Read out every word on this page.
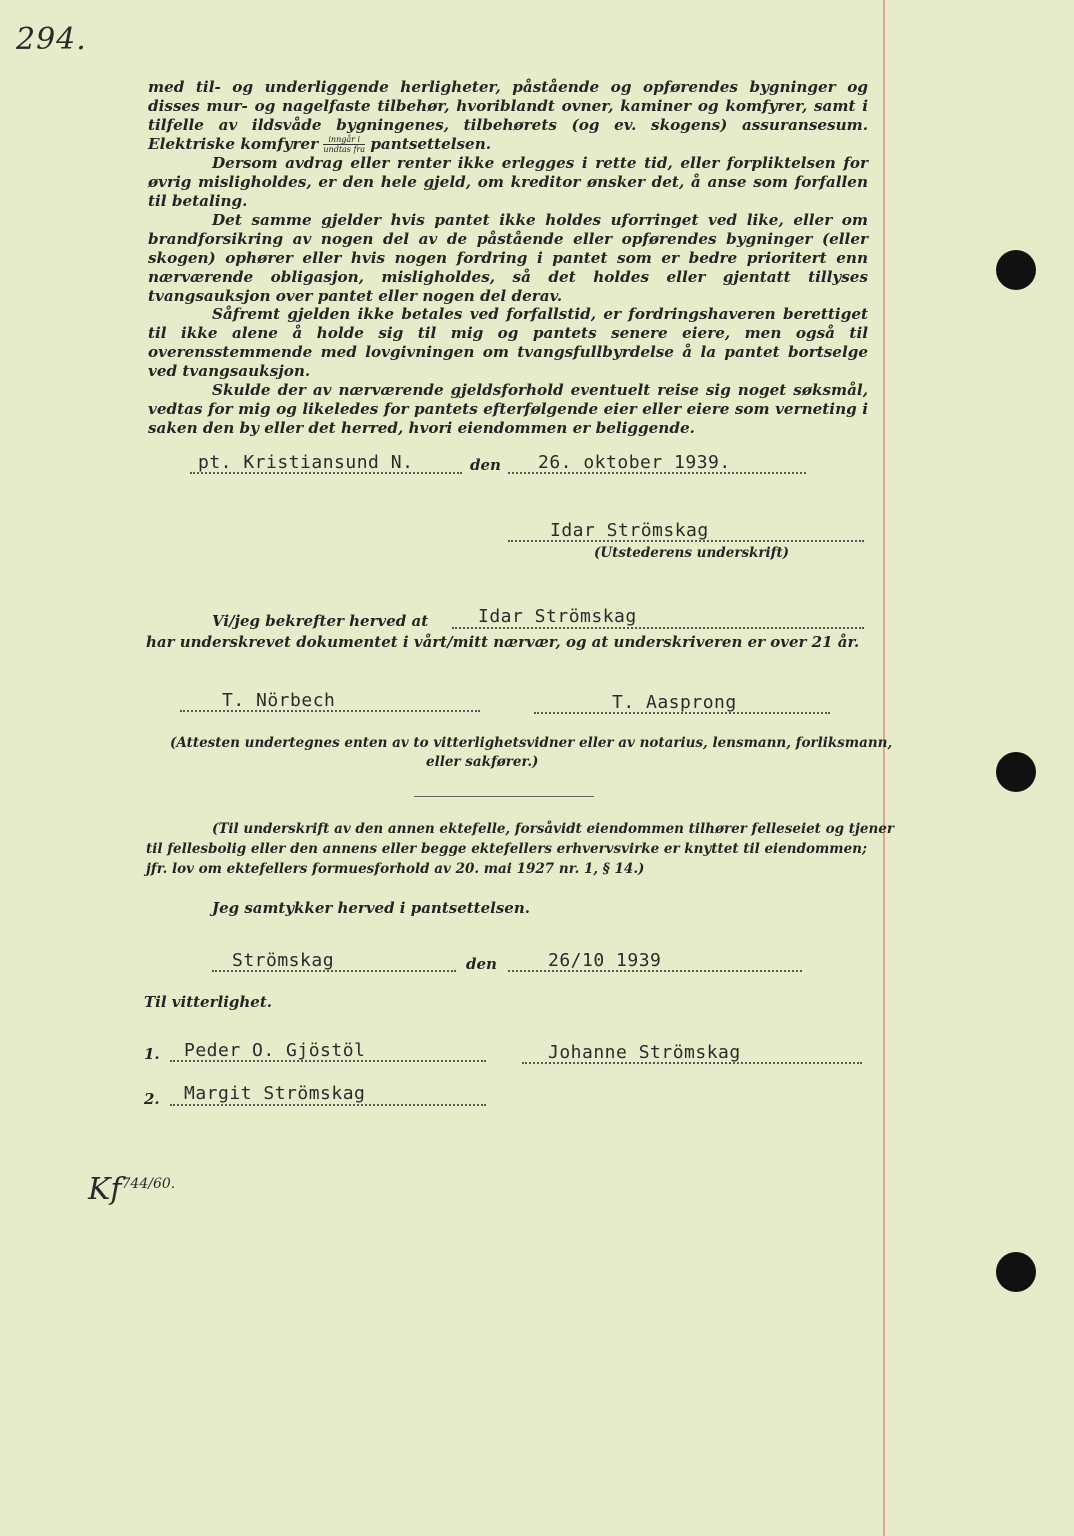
294.

med til- og underliggende herligheter, påstående og opførendes bygninger og disses mur- og nagelfaste tilbehør, hvoriblandt ovner, kaminer og komfyrer, samt i tilfelle av ildsvåde bygningenes, tilbehørets (og ev. skogens) assuransesum. Elektriske komfyrer	inngår i
undtas fra pantsettelsen.

Dersom avdrag eller renter ikke erlegges i rette tid, eller forpliktelsen for øvrig misligholdes, er den hele gjeld, om kreditor ønsker det, å anse som forfallen til betaling.

Det samme gjelder hvis pantet ikke holdes uforringet ved like, eller om brandforsikring av nogen del av de påstående eller opførendes bygninger (eller skogen) ophører eller hvis nogen fordring i pantet som er bedre prioritert enn nærværende obligasjon, misligholdes, så det holdes eller gjentatt tillyses tvangsauksjon over pantet eller nogen del derav.

Såfremt gjelden ikke betales ved forfallstid, er fordringshaveren berettiget til ikke alene å holde sig til mig og pantets senere eiere, men også til overensstemmende med lovgivningen om tvangsfullbyrdelse å la pantet bortselge ved tvangsauksjon.

Skulde der av nærværende gjeldsforhold eventuelt reise sig noget søksmål, vedtas for mig og likeledes for pantets efterfølgende eier eller eiere som verneting i saken den by eller det herred, hvori eiendommen er beliggende.

pt. Kristiansund N.	den 26. oktober 1939.
Idar Strömskag
(Utstederens underskrift)
Vi/jeg bekrefter herved at	Idar Strömskag
har underskrevet dokumentet i vårt/mitt nærvær, og at underskriveren er over 21 år.
T. Nörbech	T. Aasprong
(Attesten undertegnes enten av to vitterlighetsvidner eller av notarius, lensmann, forliksmann,
eller sakfører.)
(Til underskrift av den annen ektefelle, forsåvidt eiendommen tilhører felleseiet og tjener
til fellesbolig eller den annens eller begge ektefellers erhvervsvirke er knyttet til eiendommen;
jfr. lov om ektefellers formuesforhold av 20. mai 1927 nr. 1, § 14.)
Jeg samtykker herved i pantsettelsen.
Strömskag	den	26/10 1939
Til vitterlighet.
1. Peder O. Gjöstöl	Johanne Strömskag
2. Margit Strömskag
$Kf^{744/60.}$
